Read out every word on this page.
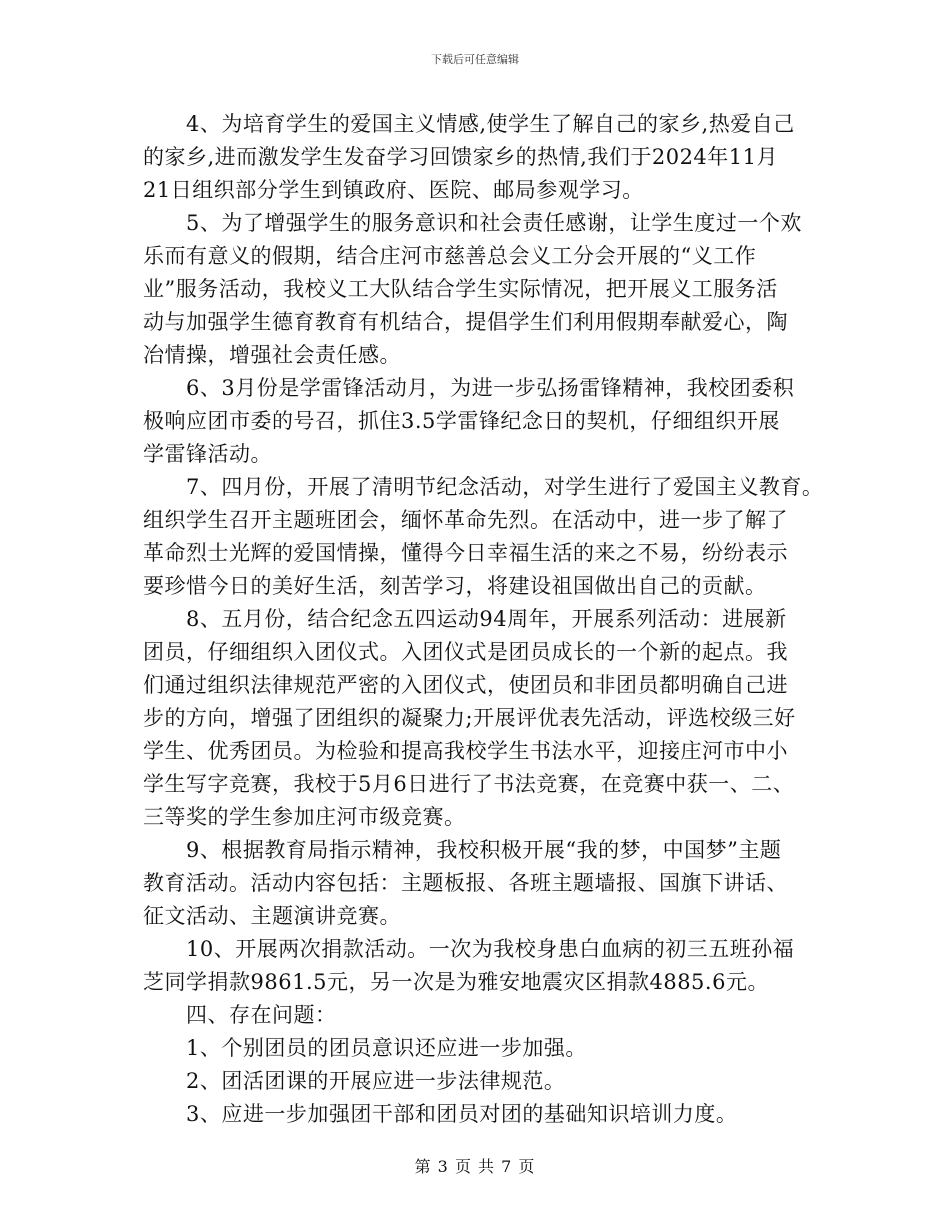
下载后可任意编辑
4、为培育学生的爱国主义情感,使学生了解自己的家乡,热爱自己
的家乡,进而激发学生发奋学习回馈家乡的热情,我们于2024年11月
21日组织部分学生到镇政府、医院、邮局参观学习。
5、为了增强学生的服务意识和社会责任感谢，让学生度过一个欢
乐而有意义的假期，结合庄河市慈善总会义工分会开展的“义工作
业”服务活动，我校义工大队结合学生实际情况，把开展义工服务活
动与加强学生德育教育有机结合，提倡学生们利用假期奉献爱心，陶
冶情操，增强社会责任感。
6、3月份是学雷锋活动月，为进一步弘扬雷锋精神，我校团委积
极响应团市委的号召，抓住3.5学雷锋纪念日的契机，仔细组织开展
学雷锋活动。
7、四月份，开展了清明节纪念活动，对学生进行了爱国主义教育。
组织学生召开主题班团会，缅怀革命先烈。在活动中，进一步了解了
革命烈士光辉的爱国情操，懂得今日幸福生活的来之不易，纷纷表示
要珍惜今日的美好生活，刻苦学习，将建设祖国做出自己的贡献。
8、五月份，结合纪念五四运动94周年，开展系列活动：进展新
团员，仔细组织入团仪式。入团仪式是团员成长的一个新的起点。我
们通过组织法律规范严密的入团仪式，使团员和非团员都明确自己进
步的方向，增强了团组织的凝聚力;开展评优表先活动，评选校级三好
学生、优秀团员。为检验和提高我校学生书法水平，迎接庄河市中小
学生写字竞赛，我校于5月6日进行了书法竞赛，在竞赛中获一、二、
三等奖的学生参加庄河市级竞赛。
9、根据教育局指示精神，我校积极开展“我的梦，中国梦”主题
教育活动。活动内容包括：主题板报、各班主题墙报、国旗下讲话、
征文活动、主题演讲竞赛。
10、开展两次捐款活动。一次为我校身患白血病的初三五班孙福
芝同学捐款9861.5元，另一次是为雅安地震灾区捐款4885.6元。
四、存在问题：
1、个别团员的团员意识还应进一步加强。
2、团活团课的开展应进一步法律规范。
3、应进一步加强团干部和团员对团的基础知识培训力度。
第 3 页 共 7 页
